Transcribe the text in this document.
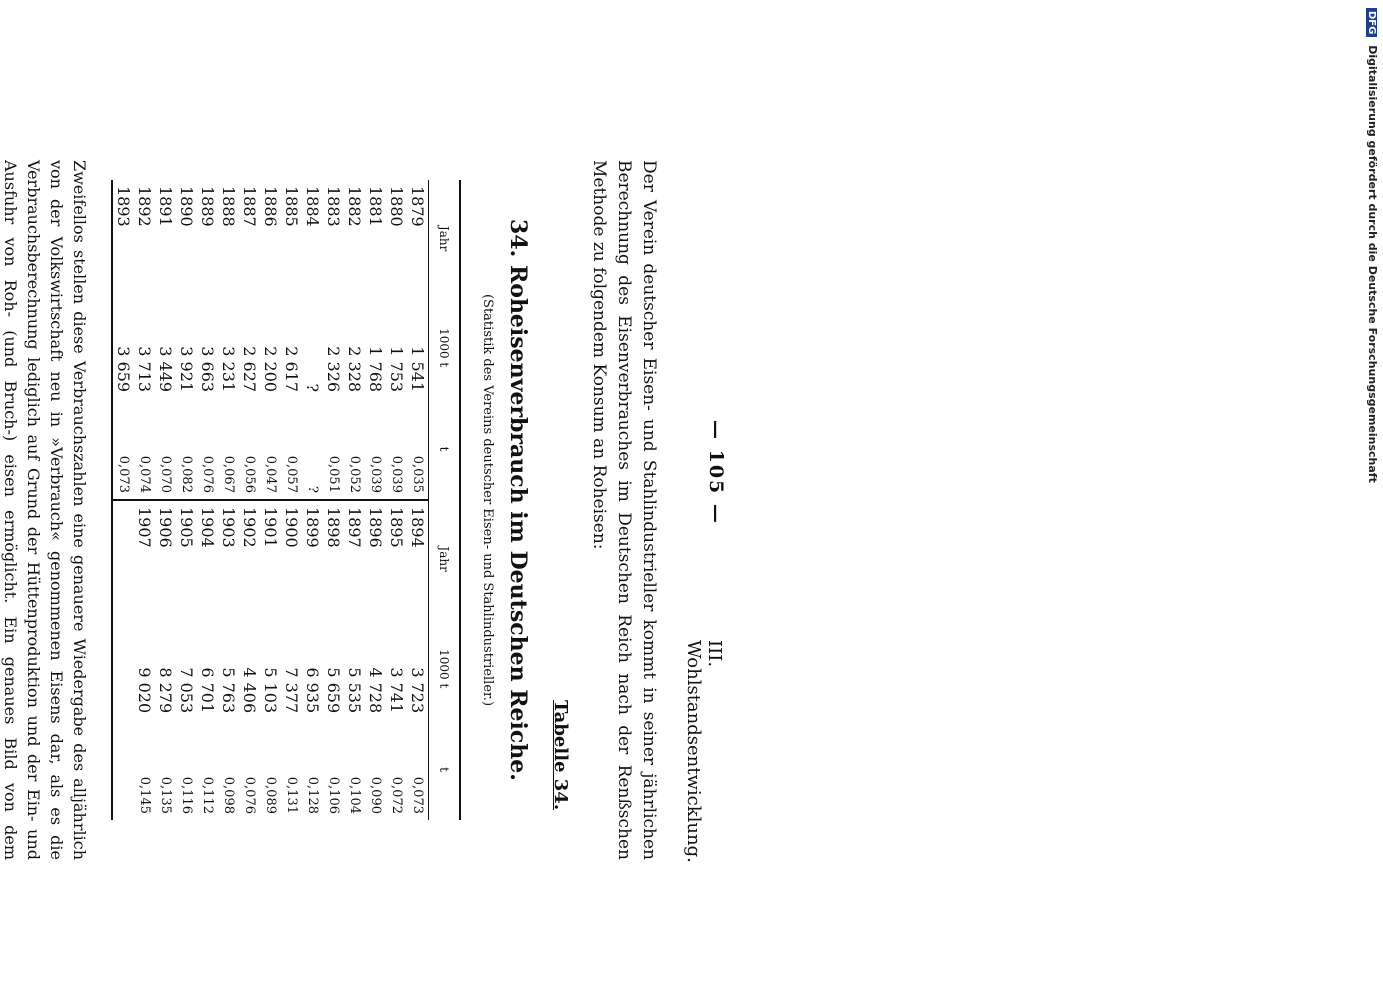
— 105 —
III. Wohlstandsentwicklung.
Der Verein deutscher Eisen- und Stahlindustrieller kommt in seiner jährlichen Berechnung des Eisenverbrauches im Deutschen Reich nach der Renßschen Methode zu folgendem Konsum an Roheisen:
Tabelle 34.
34. Roheisenverbrauch im Deutschen Reiche.
(Statistik des Vereins deutscher Eisen- und Stahlindustrieller.)
Jahr	1000 t	t	Jahr	1000 t	t
1879	1 541	0,035	1894	3 723	0,073
1880	1 753	0,039	1895	3 741	0,072
1881	1 768	0,039	1896	4 728	0,090
1882	2 328	0,052	1897	5 535	0,104
1883	2 326	0,051	1898	5 659	0,106
1884	?	?	1899	6 935	0,128
1885	2 617	0,057	1900	7 377	0,131
1886	2 200	0,047	1901	5 103	0,089
1887	2 627	0,056	1902	4 406	0,076
1888	3 231	0,067	1903	5 763	0,098
1889	3 663	0,076	1904	6 701	0,112
1890	3 921	0,082	1905	7 053	0,116
1891	3 449	0,070	1906	8 279	0,135
1892	3 713	0,074	1907	9 020	0,145
1893	3 659	0,073			
Zweifellos stellen diese Verbrauchszahlen eine genauere Wiedergabe des alljährlich von der Volkswirtschaft neu in »Verbrauch« genommenen Eisens dar, als es die Verbrauchsberechnung lediglich auf Grund der Hüttenproduktion und der Ein- und Ausfuhr von Roh- (und Bruch-) eisen ermöglicht. Ein genaues Bild von dem
DFG Digitalisierung gefördert durch die Deutsche Forschungsgemeinschaft
